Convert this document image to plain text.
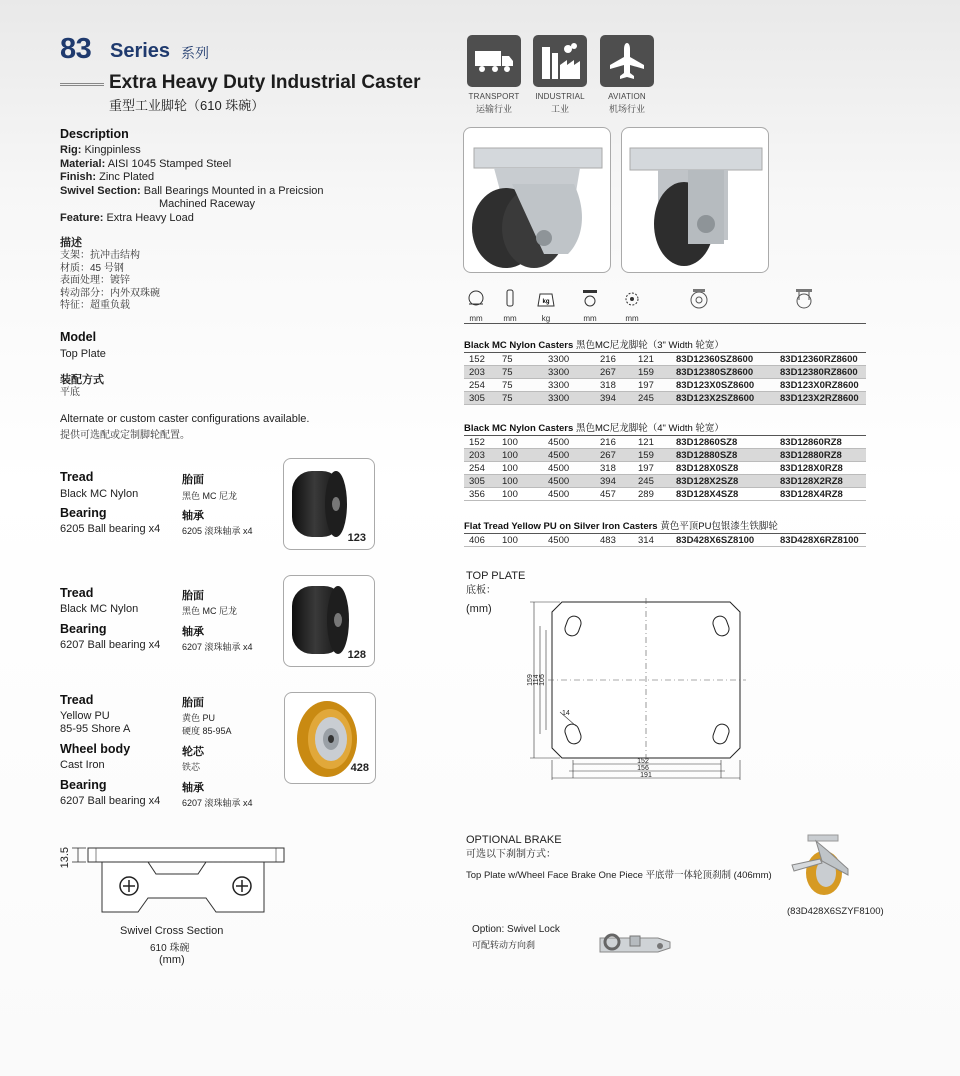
83 Series 系列
Extra Heavy Duty Industrial Caster
重型工业脚轮（610 珠碗）
TRANSPORT
运输行业
INDUSTRIAL
工业
AVIATION
机场行业
Description
Rig: Kingpinless
Material: AISI 1045 Stamped Steel
Finish: Zinc Plated
Swivel Section: Ball Bearings Mounted in a Preicsion
Machined Raceway
Feature: Extra Heavy Load
描述
支架：抗冲击结构
材质：45 号钢
表面处理：镀锌
转动部分：内外双珠碗
特征：超重负载
Model
Top Plate
装配方式
平底
Alternate or custom caster configurations available.
提供可选配或定制脚轮配置。
Tread	胎面
Black MC Nylon	黑色 MC 尼龙
Bearing	轴承
6205 Ball bearing x4 6205 滚珠轴承 x4
123
Tread	胎面
Black MC Nylon	黑色 MC 尼龙
Bearing	轴承
6207 Ball bearing x4 6207 滚珠轴承 x4
128
Tread	胎面
Yellow PU	黄色 PU
85-95 Shore A	硬度 85-95A
Wheel body	轮芯
Cast Iron	铁芯
Bearing	轴承
6207 Ball bearing x4 6207 滚珠轴承 x4
428
13.5
Swivel Cross Section
610 珠碗
(mm)
mm	mm
kg
kg	mm	mm
Black MC Nylon Casters 黑色MC尼龙脚轮（3" Width 轮宽）
152	75	3300	216	121	83D12360SZ8600	83D12360RZ8600
203	75	3300	267	159	83D12380SZ8600	83D12380RZ8600
254	75	3300	318	197	83D123X0SZ8600	83D123X0RZ8600
305	75	3300	394	245	83D123X2SZ8600	83D123X2RZ8600
Black MC Nylon Casters 黑色MC尼龙脚轮（4" Width 轮宽）
152	100	4500	216	121	83D12860SZ8	83D12860RZ8
203	100	4500	267	159	83D12880SZ8	83D12880RZ8
254	100	4500	318	197	83D128X0SZ8	83D128X0RZ8
305	100	4500	394	245	83D128X2SZ8	83D128X2RZ8
356	100	4500	457	289	83D128X4SZ8	83D128X4RZ8
Flat Tread Yellow PU on Silver Iron Casters 黄色平顶PU包银漆生铁脚轮
406	100	4500	483	314	83D428X6SZ8100	83D428X6RZ8100
TOP PLATE
底板：
(mm)
152
156
191
159 114 105
14
OPTIONAL BRAKE
可选以下刹制方式：
Top Plate w/Wheel Face Brake One Piece 平底带一体轮顶刹制 (406mm)
(83D428X6SZYF8100)
Option: Swivel Lock
可配转动方向刹
